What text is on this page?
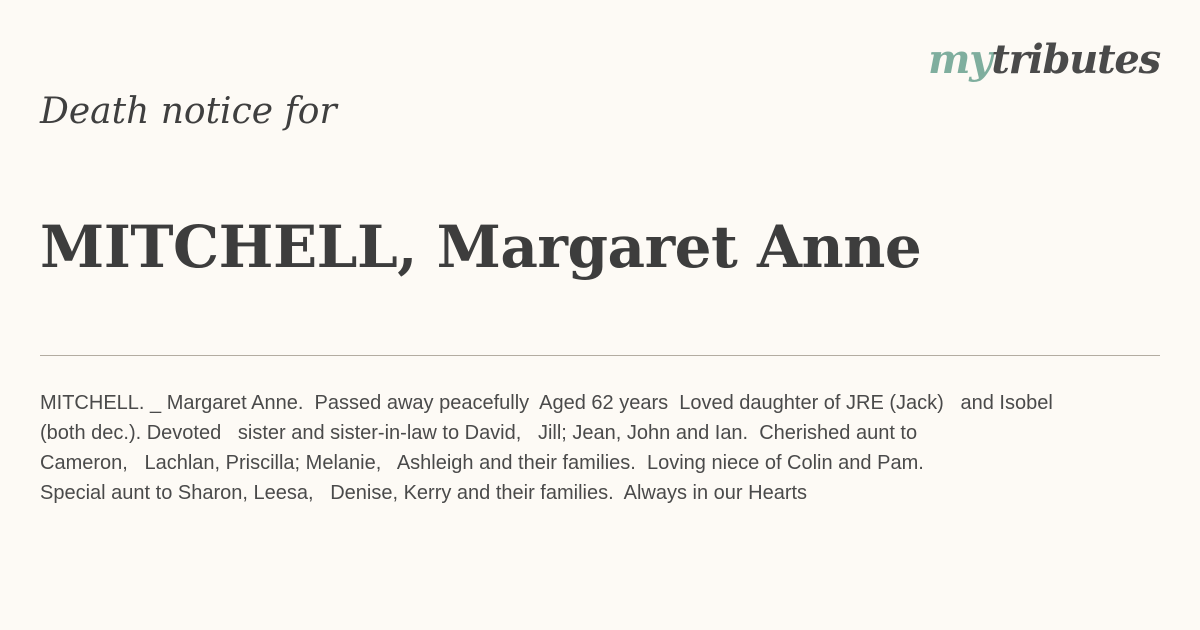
mytributes
Death notice for
MITCHELL, Margaret Anne

MITCHELL. _ Margaret Anne.  Passed away peacefully  Aged 62 years  Loved daughter of JRE (Jack)   and Isobel
(both dec.). Devoted   sister and sister-in-law to David,   Jill; Jean, John and Ian.  Cherished aunt to
Cameron,   Lachlan, Priscilla; Melanie,   Ashleigh and their families.  Loving niece of Colin and Pam.
Special aunt to Sharon, Leesa,   Denise, Kerry and their families.  Always in our Hearts
